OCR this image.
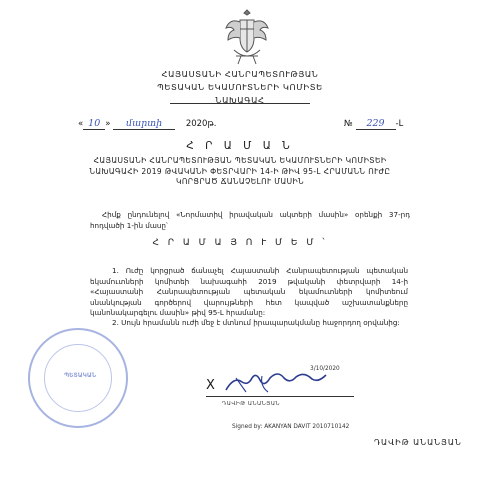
ՀԱՅԱՍՏԱՆԻ ՀԱՆՐԱՊԵՏՈՒԹՅԱՆ
ՊԵՏԱԿԱՆ ԵԿԱՄՈՒՏՆԵՐԻ ԿՈՄԻՏԵ
ՆԱԽԱԳԱՀ
« 10 » մարտի	2020թ.	№ 229 -Լ
Հ Ր Ա Մ Ա Ն
ՀԱՅԱՍՏԱՆԻ ՀԱՆՐԱՊԵՏՈՒԹՅԱՆ ՊԵՏԱԿԱՆ ԵԿԱՄՈՒՏՆԵՐԻ ԿՈՄԻՏԵԻ
ՆԱԽԱԳԱՀԻ 2019 ԹՎԱԿԱՆԻ ՓԵՏՐՎԱՐԻ 14-Ի ԹԻՎ 95-Լ ՀՐԱՄԱՆՆ ՈՒԺԸ
ԿՈՐՑՐԱԾ ՃԱՆԱՉԵԼՈՒ ՄԱՍԻՆ
Հիմք ընդունելով «Նորմատիվ իրավական ակտերի մասին» օրենքի 37-րդ հոդվածի 1-ին մասը՝
Հ Ր Ա Մ Ա Յ Ո Ւ Մ Ե Մ ՝
1. Ուժը կորցրած ճանաչել Հայաստանի Հանրապետության պետական եկամուտների կոմիտեի նախագահի 2019 թվականի փետրվարի 14-ի «Հայաստանի Հանրապետության պետական եկամուտների կոմիտեում սնանկության գործերով վարույթների հետ կապված աշխատանքները կանոնակարգելու մասին» թիվ 95-Լ հրամանը:
2. Սույն հրամանն ուժի մեջ է մտնում իրապարակմանը հաջորդող օրվանից:
ՊԵՏԱԿԱՆ
3/10/2020
X
ԴԱՎԻԹ ԱՆԱՆՅԱՆ
Signed by: AKANYAN DAVIT 2010710142
ԴԱՎԻԹ ԱՆԱՆՅԱՆ
